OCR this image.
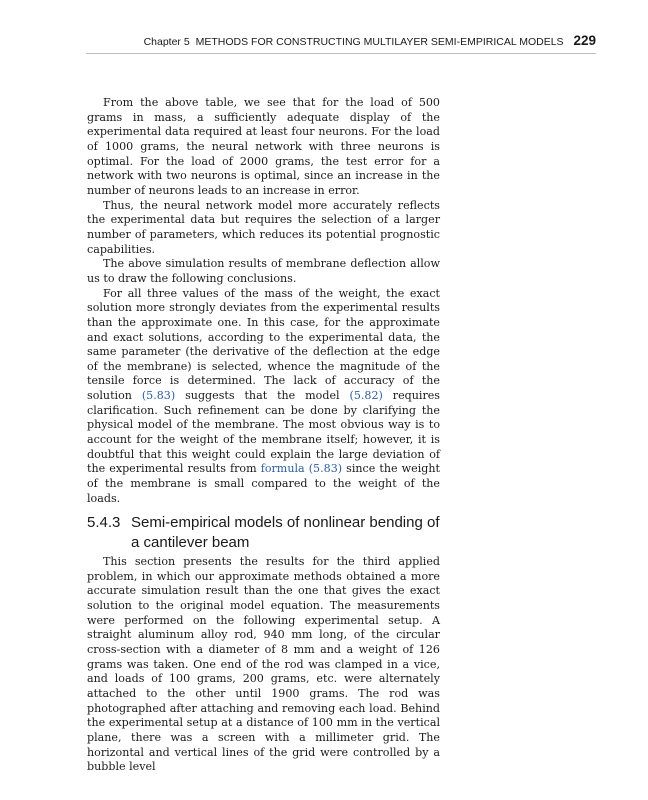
Chapter 5 METHODS FOR CONSTRUCTING MULTILAYER SEMI-EMPIRICAL MODELS 229

From the above table, we see that for the load of 500 grams in mass, a sufficiently adequate display of the experimental data required at least four neurons. For the load of 1000 grams, the neural network with three neurons is optimal. For the load of 2000 grams, the test error for a network with two neurons is optimal, since an increase in the number of neurons leads to an increase in error.

Thus, the neural network model more accurately reflects the experimental data but requires the selection of a larger number of parameters, which reduces its potential prognostic capabilities.

The above simulation results of membrane deflection allow us to draw the following conclusions.

For all three values of the mass of the weight, the exact solution more strongly deviates from the experimental results than the approximate one. In this case, for the approximate and exact solutions, according to the experimental data, the same parameter (the derivative of the deflection at the edge of the membrane) is selected, whence the magnitude of the tensile force is determined. The lack of accuracy of the solution (5.83) suggests that the model (5.82) requires clarification. Such refinement can be done by clarifying the physical model of the membrane. The most obvious way is to account for the weight of the membrane itself; however, it is doubtful that this weight could explain the large deviation of the experimental results from formula (5.83) since the weight of the membrane is small compared to the weight of the loads.

5.4.3 Semi-empirical models of nonlinear bending of a cantilever beam

This section presents the results for the third applied problem, in which our approximate methods obtained a more accurate simulation result than the one that gives the exact solution to the original model equation. The measurements were performed on the following experimental setup. A straight aluminum alloy rod, 940 mm long, of the circular cross-section with a diameter of 8 mm and a weight of 126 grams was taken. One end of the rod was clamped in a vice, and loads of 100 grams, 200 grams, etc. were alternately attached to the other until 1900 grams. The rod was photographed after attaching and removing each load. Behind the experimental setup at a distance of 100 mm in the vertical plane, there was a screen with a millimeter grid. The horizontal and vertical lines of the grid were controlled by a bubble level
